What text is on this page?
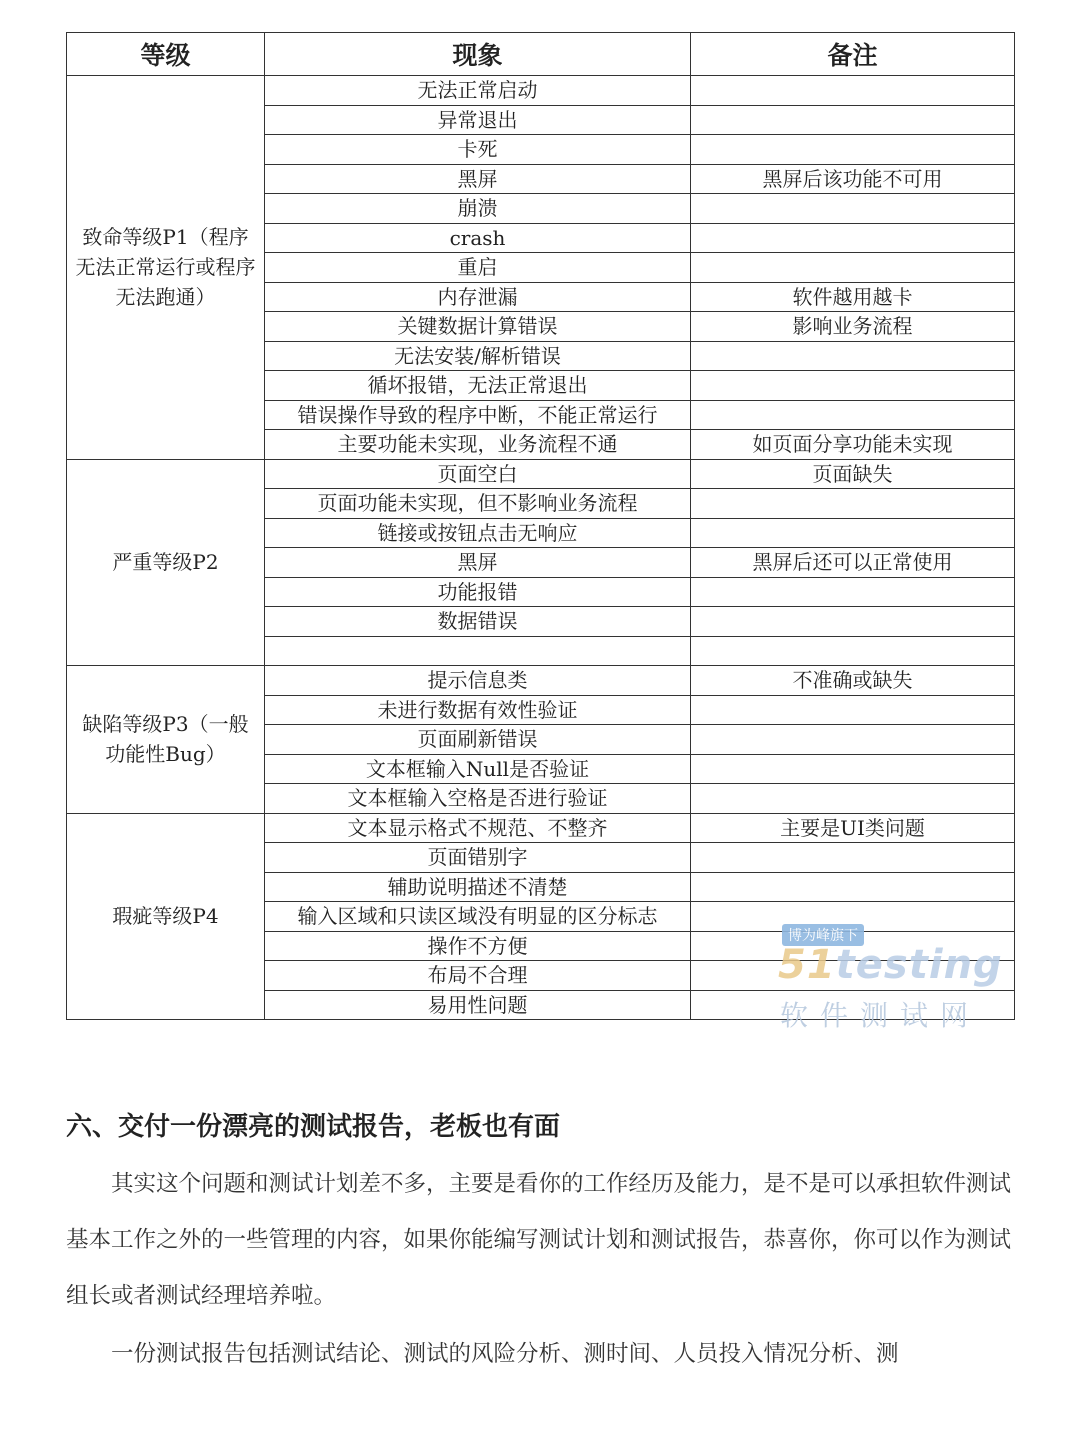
等级	现象	备注
致命等级P1（程序无法正常运行或程序无法跑通）	无法正常启动	
	异常退出	
	卡死	
	黑屏	黑屏后该功能不可用
	崩溃	
	crash	
	重启	
	内存泄漏	软件越用越卡
	关键数据计算错误	影响业务流程
	无法安装/解析错误	
	循坏报错，无法正常退出	
	错误操作导致的程序中断，不能正常运行	
	主要功能未实现，业务流程不通	如页面分享功能未实现
严重等级P2	页面空白	页面缺失
	页面功能未实现，但不影响业务流程	
	链接或按钮点击无响应	
	黑屏	黑屏后还可以正常使用
	功能报错	
	数据错误	

缺陷等级P3（一般功能性Bug）	提示信息类	不准确或缺失
	未进行数据有效性验证	
	页面刷新错误	
	文本框输入Null是否验证	
	文本框输入空格是否进行验证	
瑕疵等级P4	文本显示格式不规范、不整齐	主要是UI类问题
	页面错别字	
	辅助说明描述不清楚	
	输入区域和只读区域没有明显的区分标志	
	操作不方便	
	布局不合理	
	易用性问题	
博为峰旗下
51testing
软件测试网
六、交付一份漂亮的测试报告，老板也有面

其实这个问题和测试计划差不多，主要是看你的工作经历及能力，是不是可以承担软件测试基本工作之外的一些管理的内容，如果你能编写测试计划和测试报告，恭喜你，你可以作为测试组长或者测试经理培养啦。

一份测试报告包括测试结论、测试的风险分析、测时间、人员投入情况分析、测
